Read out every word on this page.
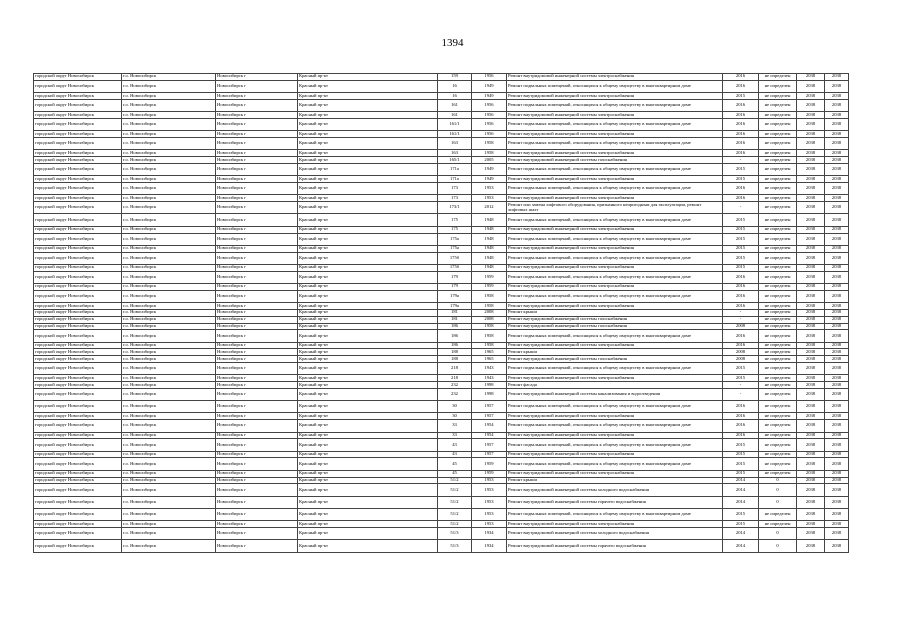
1394
городской округ Новосибирск	г.о. Новосибирск	Новосибирск г	Красный пр-кт	159	1956	Ремонт внутридомовой инженерной системы электроснабжения	2016	не определен	2038	2038
городской округ Новосибирск	г.о. Новосибирск	Новосибирск г	Красный пр-кт	16	1949	Ремонт подвальных помещений, относящихся к общему имуществу в многоквартирном доме	2016	не определен	2038	2038
городской округ Новосибирск	г.о. Новосибирск	Новосибирск г	Красный пр-кт	16	1949	Ремонт внутридомовой инженерной системы электроснабжения	2015	не определен	2038	2038
городской округ Новосибирск	г.о. Новосибирск	Новосибирск г	Красный пр-кт	161	1956	Ремонт подвальных помещений, относящихся к общему имуществу в многоквартирном доме	2016	не определен	2038	2038
городской округ Новосибирск	г.о. Новосибирск	Новосибирск г	Красный пр-кт	161	1956	Ремонт внутридомовой инженерной системы электроснабжения	2016	не определен	2038	2038
городской округ Новосибирск	г.о. Новосибирск	Новосибирск г	Красный пр-кт	161/1	1956	Ремонт подвальных помещений, относящихся к общему имуществу в многоквартирном доме	2016	не определен	2038	2038
городской округ Новосибирск	г.о. Новосибирск	Новосибирск г	Красный пр-кт	161/1	1956	Ремонт внутридомовой инженерной системы электроснабжения	2016	не определен	2038	2038
городской округ Новосибирск	г.о. Новосибирск	Новосибирск г	Красный пр-кт	163	1958	Ремонт подвальных помещений, относящихся к общему имуществу в многоквартирном доме	2016	не определен	2038	2038
городской округ Новосибирск	г.о. Новосибирск	Новосибирск г	Красный пр-кт	163	1958	Ремонт внутридомовой инженерной системы электроснабжения	2016	не определен	2038	2038
городской округ Новосибирск	г.о. Новосибирск	Новосибирск г	Красный пр-кт	165/1	2005	Ремонт внутридомовой инженерной системы газоснабжения	-	не определен	2038	2038
городской округ Новосибирск	г.о. Новосибирск	Новосибирск г	Красный пр-кт	171а	1949	Ремонт подвальных помещений, относящихся к общему имуществу в многоквартирном доме	2015	не определен	2038	2038
городской округ Новосибирск	г.о. Новосибирск	Новосибирск г	Красный пр-кт	171а	1949	Ремонт внутридомовой инженерной системы электроснабжения	2015	не определен	2038	2038
городской округ Новосибирск	г.о. Новосибирск	Новосибирск г	Красный пр-кт	173	1953	Ремонт подвальных помещений, относящихся к общему имуществу в многоквартирном доме	2016	не определен	2038	2038
городской округ Новосибирск	г.о. Новосибирск	Новосибирск г	Красный пр-кт	173	1953	Ремонт внутридомовой инженерной системы электроснабжения	2016	не определен	2038	2038
городской округ Новосибирск	г.о. Новосибирск	Новосибирск г	Красный пр-кт	173/1	2012	Ремонт или замена лифтового оборудования, признанного непригодным для эксплуатации, ремонт лифтовых шахт	-	не определен	2038	2038
городской округ Новосибирск	г.о. Новосибирск	Новосибирск г	Красный пр-кт	175	1948	Ремонт подвальных помещений, относящихся к общему имуществу в многоквартирном доме	2015	не определен	2038	2038
городской округ Новосибирск	г.о. Новосибирск	Новосибирск г	Красный пр-кт	175	1948	Ремонт внутридомовой инженерной системы электроснабжения	2015	не определен	2038	2038
городской округ Новосибирск	г.о. Новосибирск	Новосибирск г	Красный пр-кт	175а	1948	Ремонт подвальных помещений, относящихся к общему имуществу в многоквартирном доме	2015	не определен	2038	2038
городской округ Новосибирск	г.о. Новосибирск	Новосибирск г	Красный пр-кт	175а	1948	Ремонт внутридомовой инженерной системы электроснабжения	2015	не определен	2038	2038
городской округ Новосибирск	г.о. Новосибирск	Новосибирск г	Красный пр-кт	175б	1948	Ремонт подвальных помещений, относящихся к общему имуществу в многоквартирном доме	2015	не определен	2038	2038
городской округ Новосибирск	г.о. Новосибирск	Новосибирск г	Красный пр-кт	175б	1948	Ремонт внутридомовой инженерной системы электроснабжения	2015	не определен	2038	2038
городской округ Новосибирск	г.о. Новосибирск	Новосибирск г	Красный пр-кт	179	1959	Ремонт подвальных помещений, относящихся к общему имуществу в многоквартирном доме	2016	не определен	2038	2038
городской округ Новосибирск	г.о. Новосибирск	Новосибирск г	Красный пр-кт	179	1959	Ремонт внутридомовой инженерной системы электроснабжения	2016	не определен	2038	2038
городской округ Новосибирск	г.о. Новосибирск	Новосибирск г	Красный пр-кт	179а	1958	Ремонт подвальных помещений, относящихся к общему имуществу в многоквартирном доме	2016	не определен	2038	2038
городской округ Новосибирск	г.о. Новосибирск	Новосибирск г	Красный пр-кт	179а	1958	Ремонт внутридомовой инженерной системы электроснабжения	2016	не определен	2038	2038
городской округ Новосибирск	г.о. Новосибирск	Новосибирск г	Красный пр-кт	181	2008	Ремонт крыши	-	не определен	2038	2038
городской округ Новосибирск	г.о. Новосибирск	Новосибирск г	Красный пр-кт	181	2008	Ремонт внутридомовой инженерной системы газоснабжения	-	не определен	2038	2038
городской округ Новосибирск	г.о. Новосибирск	Новосибирск г	Красный пр-кт	186	1958	Ремонт внутридомовой инженерной системы газоснабжения	2008	не определен	2038	2038
городской округ Новосибирск	г.о. Новосибирск	Новосибирск г	Красный пр-кт	186	1958	Ремонт подвальных помещений, относящихся к общему имуществу в многоквартирном доме	2016	не определен	2038	2038
городской округ Новосибирск	г.о. Новосибирск	Новосибирск г	Красный пр-кт	186	1958	Ремонт внутридомовой инженерной системы электроснабжения	2016	не определен	2038	2038
городской округ Новосибирск	г.о. Новосибирск	Новосибирск г	Красный пр-кт	188	1965	Ремонт крыши	2008	не определен	2038	2038
городской округ Новосибирск	г.о. Новосибирск	Новосибирск г	Красный пр-кт	188	1965	Ремонт внутридомовой инженерной системы газоснабжения	2008	не определен	2038	2038
городской округ Новосибирск	г.о. Новосибирск	Новосибирск г	Красный пр-кт	218	1943	Ремонт подвальных помещений, относящихся к общему имуществу в многоквартирном доме	2015	не определен	2038	2038
городской округ Новосибирск	г.о. Новосибирск	Новосибирск г	Красный пр-кт	218	1943	Ремонт внутридомовой инженерной системы электроснабжения	2015	не определен	2038	2038
городской округ Новосибирск	г.о. Новосибирск	Новосибирск г	Красный пр-кт	232	1998	Ремонт фасада	-	не определен	2038	2038
городской округ Новосибирск	г.о. Новосибирск	Новосибирск г	Красный пр-кт	232	1998	Ремонт внутридомовой инженерной системы канализования и водоотведения	-	не определен	2038	2038
городской округ Новосибирск	г.о. Новосибирск	Новосибирск г	Красный пр-кт	30	1957	Ремонт подвальных помещений, относящихся к общему имуществу в многоквартирном доме	2016	не определен	2038	2038
городской округ Новосибирск	г.о. Новосибирск	Новосибирск г	Красный пр-кт	30	1957	Ремонт внутридомовой инженерной системы электроснабжения	2016	не определен	2038	2038
городской округ Новосибирск	г.о. Новосибирск	Новосибирск г	Красный пр-кт	33	1954	Ремонт подвальных помещений, относящихся к общему имуществу в многоквартирном доме	2016	не определен	2038	2038
городской округ Новосибирск	г.о. Новосибирск	Новосибирск г	Красный пр-кт	33	1954	Ремонт внутридомовой инженерной системы электроснабжения	2016	не определен	2038	2038
городской округ Новосибирск	г.о. Новосибирск	Новосибирск г	Красный пр-кт	43	1957	Ремонт подвальных помещений, относящихся к общему имуществу в многоквартирном доме	2015	не определен	2038	2038
городской округ Новосибирск	г.о. Новосибирск	Новосибирск г	Красный пр-кт	43	1957	Ремонт внутридомовой инженерной системы электроснабжения	2015	не определен	2038	2038
городской округ Новосибирск	г.о. Новосибирск	Новосибирск г	Красный пр-кт	45	1959	Ремонт подвальных помещений, относящихся к общему имуществу в многоквартирном доме	2015	не определен	2038	2038
городской округ Новосибирск	г.о. Новосибирск	Новосибирск г	Красный пр-кт	45	1959	Ремонт внутридомовой инженерной системы электроснабжения	2015	не определен	2038	2038
городской округ Новосибирск	г.о. Новосибирск	Новосибирск г	Красный пр-кт	51/2	1953	Ремонт крыши	2014	0	2038	2038
городской округ Новосибирск	г.о. Новосибирск	Новосибирск г	Красный пр-кт	51/2	1953	Ремонт внутридомовой инженерной системы холодного водоснабжения	2014	0	2038	2038
городской округ Новосибирск	г.о. Новосибирск	Новосибирск г	Красный пр-кт	51/2	1953	Ремонт внутридомовой инженерной системы горячего водоснабжения	2014	0	2038	2038
городской округ Новосибирск	г.о. Новосибирск	Новосибирск г	Красный пр-кт	51/2	1953	Ремонт подвальных помещений, относящихся к общему имуществу в многоквартирном доме	2015	не определен	2038	2038
городской округ Новосибирск	г.о. Новосибирск	Новосибирск г	Красный пр-кт	51/2	1953	Ремонт внутридомовой инженерной системы электроснабжения	2015	не определен	2038	2038
городской округ Новосибирск	г.о. Новосибирск	Новосибирск г	Красный пр-кт	51/3	1934	Ремонт внутридомовой инженерной системы холодного водоснабжения	2014	0	2038	2038
городской округ Новосибирск	г.о. Новосибирск	Новосибирск г	Красный пр-кт	51/3	1934	Ремонт внутридомовой инженерной системы горячего водоснабжения	2014	0	2038	2038
